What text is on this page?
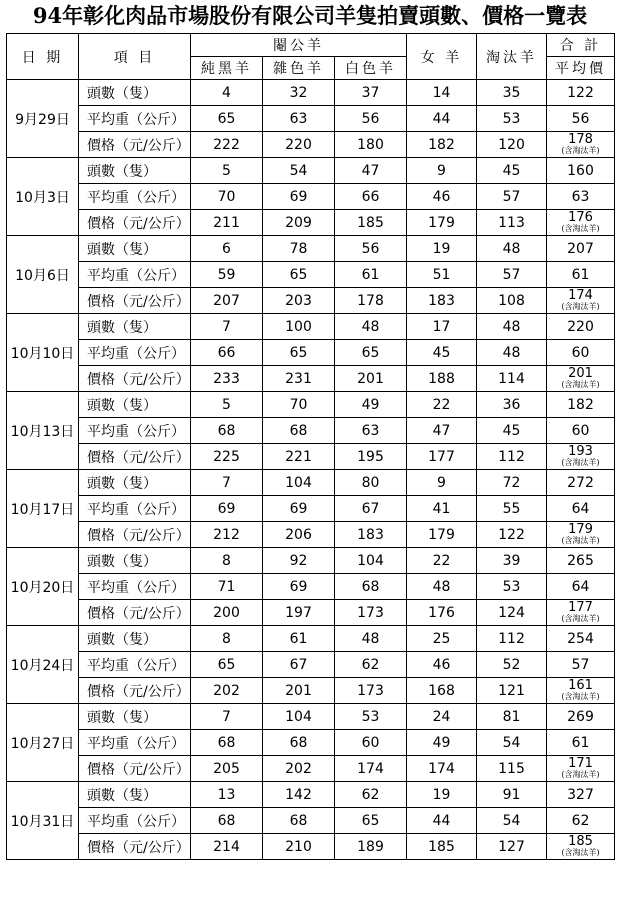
94年彰化肉品市場股份有限公司羊隻拍賣頭數、價格一覽表
日 期	項 目	閹公羊			女 羊	淘汰羊	合 計
		純黑羊	雜色羊	白色羊			平均價
9月29日	頭數（隻）	4	32	37	14	35	122
	平均重（公斤）	65	63	56	44	53	56
	價格（元/公斤）	222	220	180	182	120	178
(含淘汰羊)

10月3日	頭數（隻）	5	54	47	9	45	160
	平均重（公斤）	70	69	66	46	57	63
	價格（元/公斤）	211	209	185	179	113	176
(含淘汰羊)

10月6日	頭數（隻）	6	78	56	19	48	207
	平均重（公斤）	59	65	61	51	57	61
	價格（元/公斤）	207	203	178	183	108	174
(含淘汰羊)

10月10日	頭數（隻）	7	100	48	17	48	220
	平均重（公斤）	66	65	65	45	48	60
	價格（元/公斤）	233	231	201	188	114	201
(含淘汰羊)

10月13日	頭數（隻）	5	70	49	22	36	182
	平均重（公斤）	68	68	63	47	45	60
	價格（元/公斤）	225	221	195	177	112	193
(含淘汰羊)

10月17日	頭數（隻）	7	104	80	9	72	272
	平均重（公斤）	69	69	67	41	55	64
	價格（元/公斤）	212	206	183	179	122	179
(含淘汰羊)

10月20日	頭數（隻）	8	92	104	22	39	265
	平均重（公斤）	71	69	68	48	53	64
	價格（元/公斤）	200	197	173	176	124	177
(含淘汰羊)

10月24日	頭數（隻）	8	61	48	25	112	254
	平均重（公斤）	65	67	62	46	52	57
	價格（元/公斤）	202	201	173	168	121	161
(含淘汰羊)

10月27日	頭數（隻）	7	104	53	24	81	269
	平均重（公斤）	68	68	60	49	54	61
	價格（元/公斤）	205	202	174	174	115	171
(含淘汰羊)

10月31日	頭數（隻）	13	142	62	19	91	327
	平均重（公斤）	68	68	65	44	54	62
	價格（元/公斤）	214	210	189	185	127	185
(含淘汰羊)
